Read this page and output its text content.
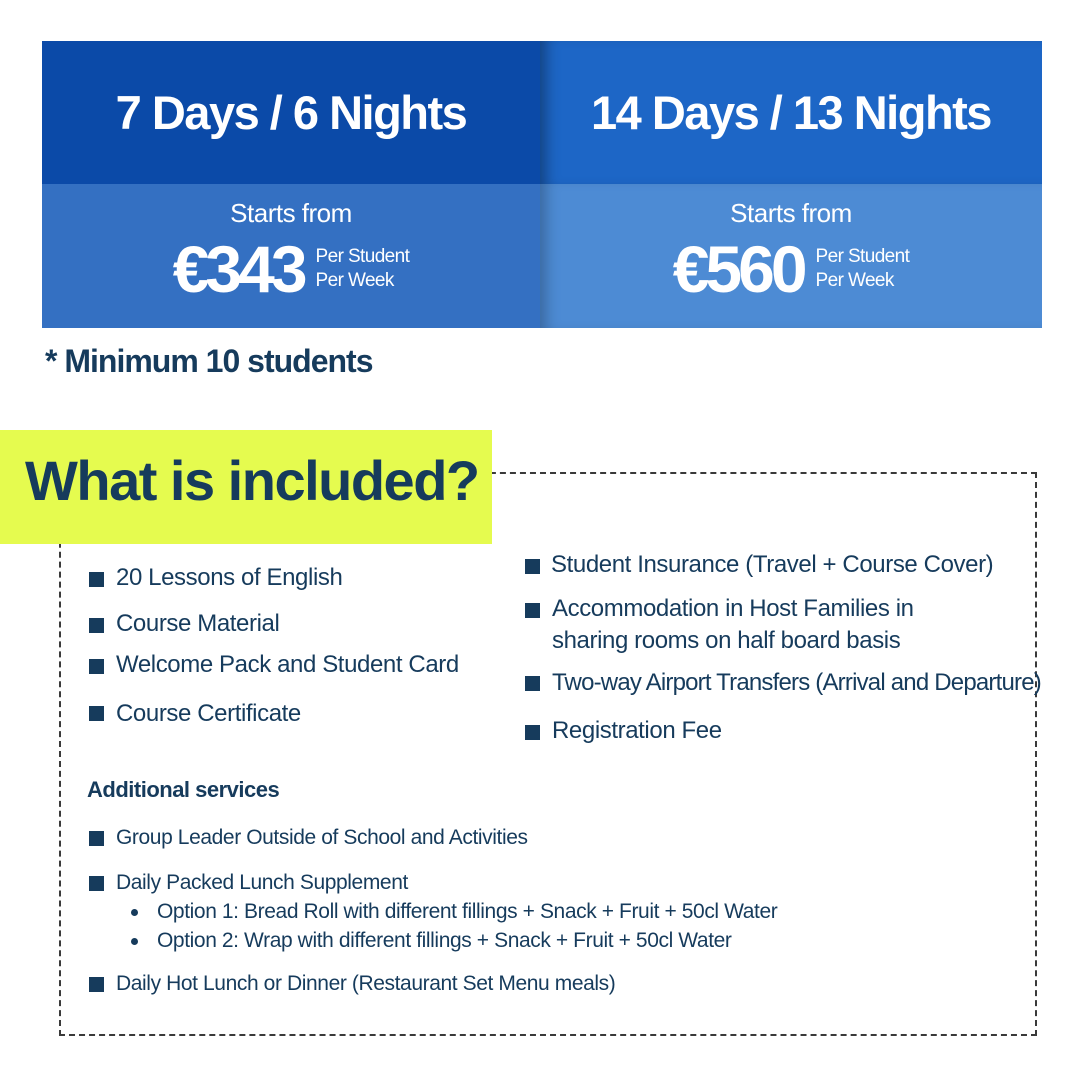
7 Days / 6 Nights
Starts from
€343 Per Student
Per Week
14 Days / 13 Nights
Starts from
€560 Per Student
Per Week
* Minimum 10 students
What is included?
20 Lessons of English
Course Material
Welcome Pack and Student Card
Course Certificate
Student Insurance (Travel + Course Cover)
Accommodation in Host Families in
sharing rooms on half board basis
Two-way Airport Transfers (Arrival and Departure)
Registration Fee
Additional services
Group Leader Outside of School and Activities
Daily Packed Lunch Supplement
Option 1: Bread Roll with different fillings + Snack + Fruit + 50cl Water
Option 2: Wrap with different fillings + Snack + Fruit + 50cl Water
Daily Hot Lunch or Dinner (Restaurant Set Menu meals)
